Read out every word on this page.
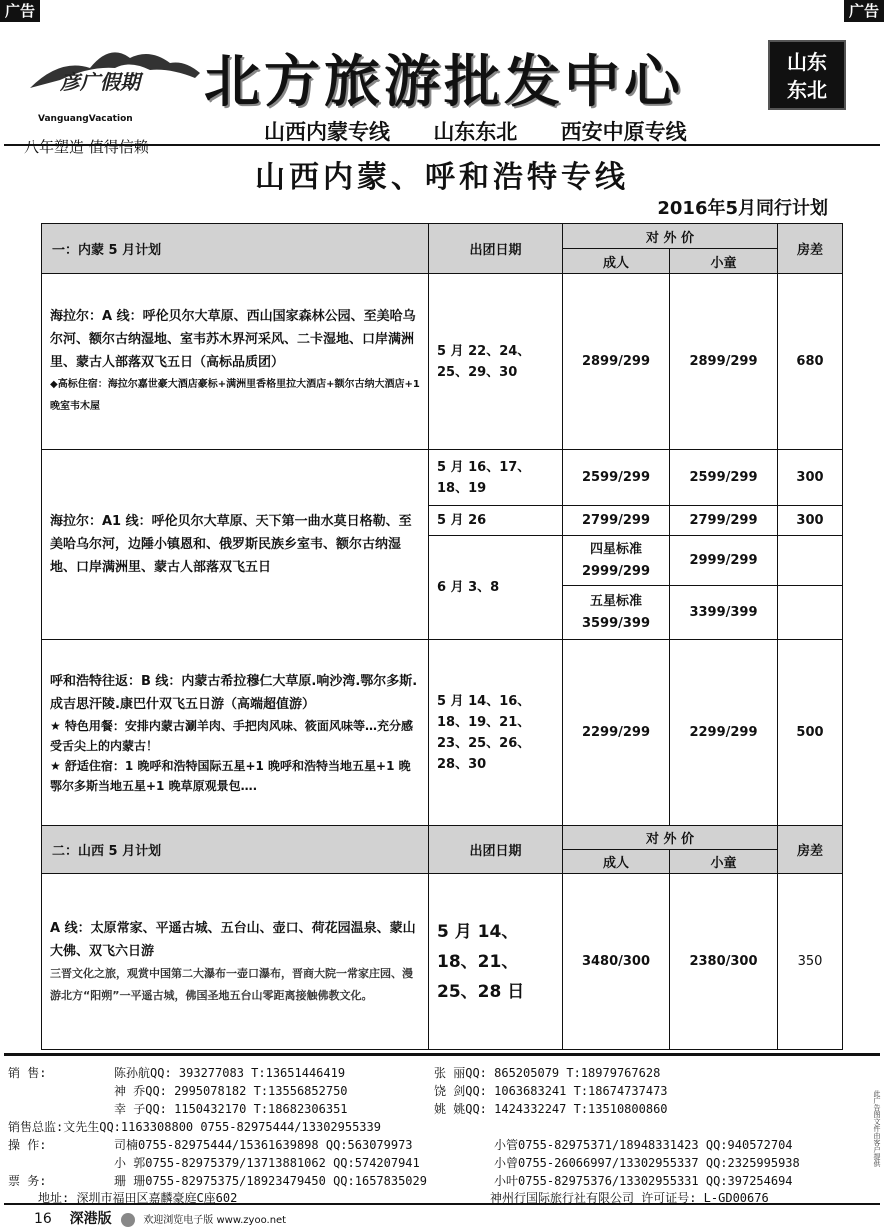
广告	广告
彦广假期
VanguangVacation
八年塑造 值得信赖
北方旅游批发中心	山东
东北
山西内蒙专线 山东东北 西安中原专线
山西内蒙、呼和浩特专线
2016年5月同行计划
一：内蒙 5 月计划	出团日期	对 外 价		房差
		成人	小童	

海拉尔：A 线：呼伦贝尔大草原、西山国家森林公园、至美哈乌尔河、额尔古纳湿地、室韦苏木界河采风、二卡湿地、口岸满洲里、蒙古人部落双飞五日（高标品质团）
◆高标住宿：海拉尔嘉世豪大酒店豪标+满洲里香格里拉大酒店+额尔古纳大酒店+1 晚室韦木屋	5 月 22、24、25、29、30	2899/299	2899/299	680
海拉尔：A1 线：呼伦贝尔大草原、天下第一曲水莫日格勒、至美哈乌尔河，边陲小镇恩和、俄罗斯民族乡室韦、额尔古纳湿地、口岸满洲里、蒙古人部落双飞五日	5 月 16、17、18、19	2599/299	2599/299	300
	5 月 26	2799/299	2799/299	300
	6 月 3、8	四星标准 2999/299	2999/299	
		五星标准 3599/399	3399/399	

呼和浩特往返：B 线：内蒙古希拉穆仁大草原.响沙湾.鄂尔多斯.成吉思汗陵.康巴什双飞五日游（高端超值游）
★ 特色用餐：安排内蒙古涮羊肉、手把肉风味、筱面风味等…充分感受舌尖上的内蒙古！
★ 舒适住宿：1 晚呼和浩特国际五星+1 晚呼和浩特当地五星+1 晚鄂尔多斯当地五星+1 晚草原观景包….	5 月 14、16、18、19、21、23、25、26、28、30	2299/299	2299/299	500
二：山西 5 月计划	出团日期	对 外 价		房差
		成人	小童	

A 线：太原常家、平遥古城、五台山、壶口、荷花园温泉、蒙山大佛、双飞六日游
三晋文化之旅，观赏中国第二大瀑布一壶口瀑布，晋商大院一常家庄园、漫游北方“阳朔”一平遥古城，佛国圣地五台山零距离接触佛教文化。	5 月 14、18、21、25、28 日	3480/300	2380/300	350
销 售:	陈孙航QQ: 393277083 T:13651446419	张 丽QQ: 865205079 T:18979767628
神 乔QQ: 2995078182 T:13556852750	饶 剑QQ: 1063683241 T:18674737473
幸 子QQ: 1150432170 T:18682306351	姚 姚QQ: 1424332247 T:13510800860
销售总监:文先生QQ:1163308800 0755-82975444/13302955339
操 作:	司楠0755-82975444/15361639898 QQ:563079973	小管0755-82975371/18948331423 QQ:940572704
小 郭0755-82975379/13713881062 QQ:574207941	小曾0755-26066997/13302955337 QQ:2325995938
票 务:	珊 珊0755-82975375/18923479450 QQ:1657835029	小叶0755-82975376/13302955331 QQ:397254694
地址: 深圳市福田区嘉麟豪庭C座602	神州行国际旅行社有限公司 许可证号: L-GD00676
16 深港版	欢迎浏览电子版 www.zyoo.net
此广告图文件由客户提供
